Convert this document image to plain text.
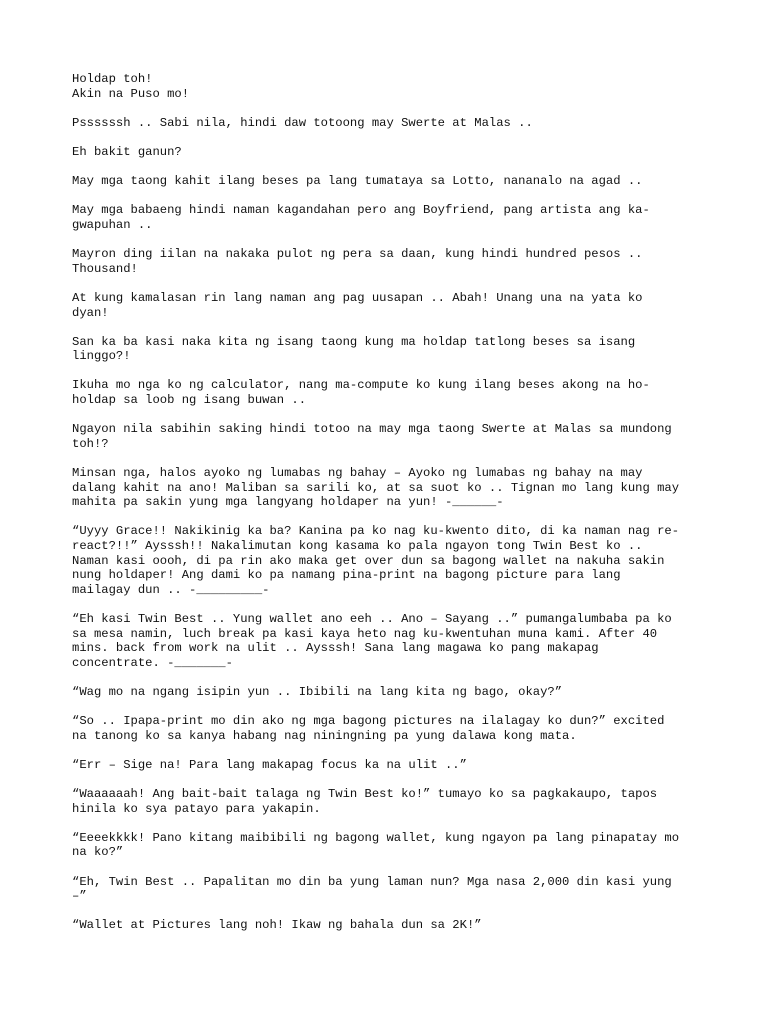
Holdap toh!
Akin na Puso mo!

Pssssssh .. Sabi nila, hindi daw totoong may Swerte at Malas ..

Eh bakit ganun?

May mga taong kahit ilang beses pa lang tumataya sa Lotto, nananalo na agad ..

May mga babaeng hindi naman kagandahan pero ang Boyfriend, pang artista ang ka-
gwapuhan ..

Mayron ding iilan na nakaka pulot ng pera sa daan, kung hindi hundred pesos ..
Thousand!

At kung kamalasan rin lang naman ang pag uusapan .. Abah! Unang una na yata ko
dyan!

San ka ba kasi naka kita ng isang taong kung ma holdap tatlong beses sa isang
linggo?!

Ikuha mo nga ko ng calculator, nang ma-compute ko kung ilang beses akong na ho-
holdap sa loob ng isang buwan ..

Ngayon nila sabihin saking hindi totoo na may mga taong Swerte at Malas sa mundong
toh!?

Minsan nga, halos ayoko ng lumabas ng bahay – Ayoko ng lumabas ng bahay na may
dalang kahit na ano! Maliban sa sarili ko, at sa suot ko .. Tignan mo lang kung may
mahita pa sakin yung mga langyang holdaper na yun! -______-

“Uyyy Grace!! Nakikinig ka ba? Kanina pa ko nag ku-kwento dito, di ka naman nag re-
react?!!” Aysssh!! Nakalimutan kong kasama ko pala ngayon tong Twin Best ko ..
Naman kasi oooh, di pa rin ako maka get over dun sa bagong wallet na nakuha sakin
nung holdaper! Ang dami ko pa namang pina-print na bagong picture para lang
mailagay dun .. -_________-

“Eh kasi Twin Best .. Yung wallet ano eeh .. Ano – Sayang ..” pumangalumbaba pa ko
sa mesa namin, luch break pa kasi kaya heto nag ku-kwentuhan muna kami. After 40
mins. back from work na ulit .. Aysssh! Sana lang magawa ko pang makapag
concentrate. -_______-

“Wag mo na ngang isipin yun .. Ibibili na lang kita ng bago, okay?”

“So .. Ipapa-print mo din ako ng mga bagong pictures na ilalagay ko dun?” excited
na tanong ko sa kanya habang nag niningning pa yung dalawa kong mata.

“Err – Sige na! Para lang makapag focus ka na ulit ..”

“Waaaaaah! Ang bait-bait talaga ng Twin Best ko!” tumayo ko sa pagkakaupo, tapos
hinila ko sya patayo para yakapin.

“Eeeekkkk! Pano kitang maibibili ng bagong wallet, kung ngayon pa lang pinapatay mo
na ko?”

“Eh, Twin Best .. Papalitan mo din ba yung laman nun? Mga nasa 2,000 din kasi yung
–”

“Wallet at Pictures lang noh! Ikaw ng bahala dun sa 2K!”
